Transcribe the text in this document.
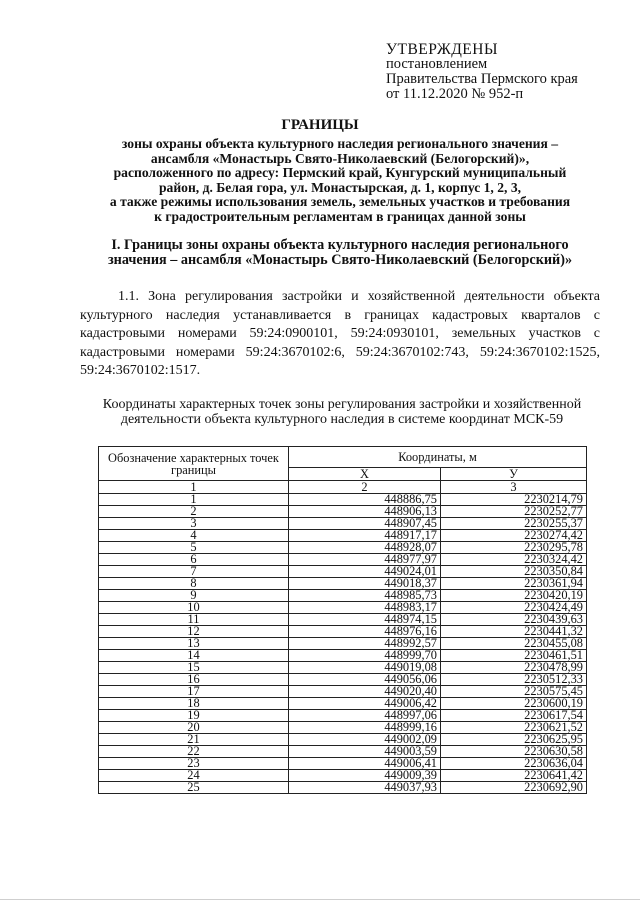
УТВЕРЖДЕНЫ
постановлением
Правительства Пермского края
от 11.12.2020 № 952-п
ГРАНИЦЫ
зоны охраны объекта культурного наследия регионального значения –
ансамбля «Монастырь Свято-Николаевский (Белогорский)»,
расположенного по адресу: Пермский край, Кунгурский муниципальный
район, д. Белая гора, ул. Монастырская, д. 1, корпус 1, 2, 3,
а также режимы использования земель, земельных участков и требования
к градостроительным регламентам в границах данной зоны
I. Границы зоны охраны объекта культурного наследия регионального
значения – ансамбля «Монастырь Свято-Николаевский (Белогорский)»
1.1. Зона регулирования застройки и хозяйственной деятельности объекта культурного наследия устанавливается в границах кадастровых кварталов с кадастровыми номерами 59:24:0900101, 59:24:0930101, земельных участков с кадастровыми номерами 59:24:3670102:6, 59:24:3670102:743, 59:24:3670102:1525, 59:24:3670102:1517.
Координаты характерных точек зоны регулирования застройки и хозяйственной
деятельности объекта культурного наследия в системе координат МСК-59
Обозначение характерных точек границы	Координаты, м	
	Х	У
1	2	3
1	448886,75	2230214,79
2	448906,13	2230252,77
3	448907,45	2230255,37
4	448917,17	2230274,42
5	448928,07	2230295,78
6	448977,97	2230324,42
7	449024,01	2230350,84
8	449018,37	2230361,94
9	448985,73	2230420,19
10	448983,17	2230424,49
11	448974,15	2230439,63
12	448976,16	2230441,32
13	448992,57	2230455,08
14	448999,70	2230461,51
15	449019,08	2230478,99
16	449056,06	2230512,33
17	449020,40	2230575,45
18	449006,42	2230600,19
19	448997,06	2230617,54
20	448999,16	2230621,52
21	449002,09	2230625,95
22	449003,59	2230630,58
23	449006,41	2230636,04
24	449009,39	2230641,42
25	449037,93	2230692,90
